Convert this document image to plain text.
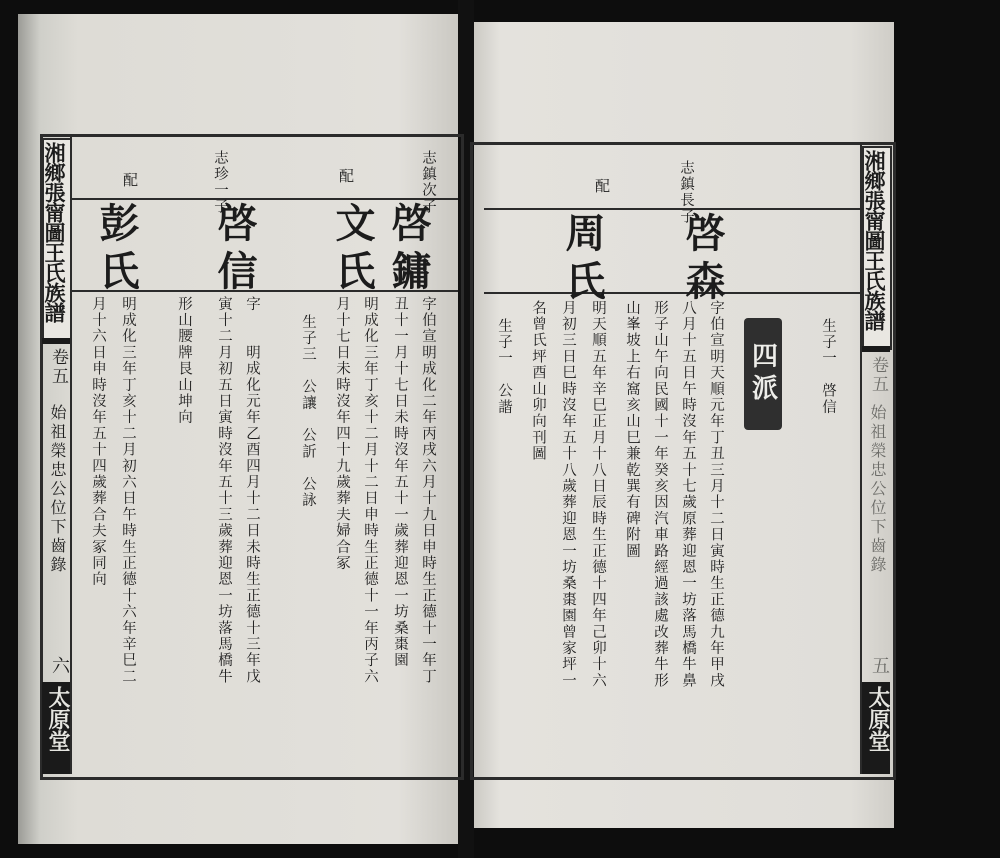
湘鄉張甯圖王氏族譜
卷五
始祖榮忠公位下齒錄
六
太原堂
志鎮次子
啓鏞
字伯宣明成化二年丙戌六月十九日申時生正德十一年丁
丑十一月十七日未時沒年五十一歲葬迎恩一坊桑棗園
配
文氏
明成化三年丁亥十二月十二日申時生正德十一年丙子六
月十七日未時沒年四十九歲葬夫婦合冢
生子三　公讓　公訢　公詠
志珍一子
啓信
字　　明成化元年乙酉四月十二日未時生正德十三年戊
寅十二月初五日寅時沒年五十三歲葬迎恩一坊落馬橋牛
形山腰牌艮山坤向
配
彭氏
明成化三年丁亥十二月初六日午時生正德十六年辛巳二
月十六日申時沒年五十四歲葬合夫冢同向
湘鄉張甯圖王氏族譜
卷五
始祖榮忠公位下齒錄
五
太原堂
生子一　啓信
四派
志鎮長子
啓森
字伯宣明天順元年丁丑三月十二日寅時生正德九年甲戌
八月十五日午時沒年五十七歲原葬迎恩一坊落馬橋牛鼻
形子山午向民國十一年癸亥因汽車路經過該處改葬牛形
山峯坡上右窩亥山巳兼乾巽有碑附圖
配
周氏
明天順五年辛巳正月十八日辰時生正德十四年己卯十六
月初三日巳時沒年五十八歲葬迎恩一坊桑棗園曾家坪一
名曾氏坪酉山卯向刊圖
生子一　公諧
